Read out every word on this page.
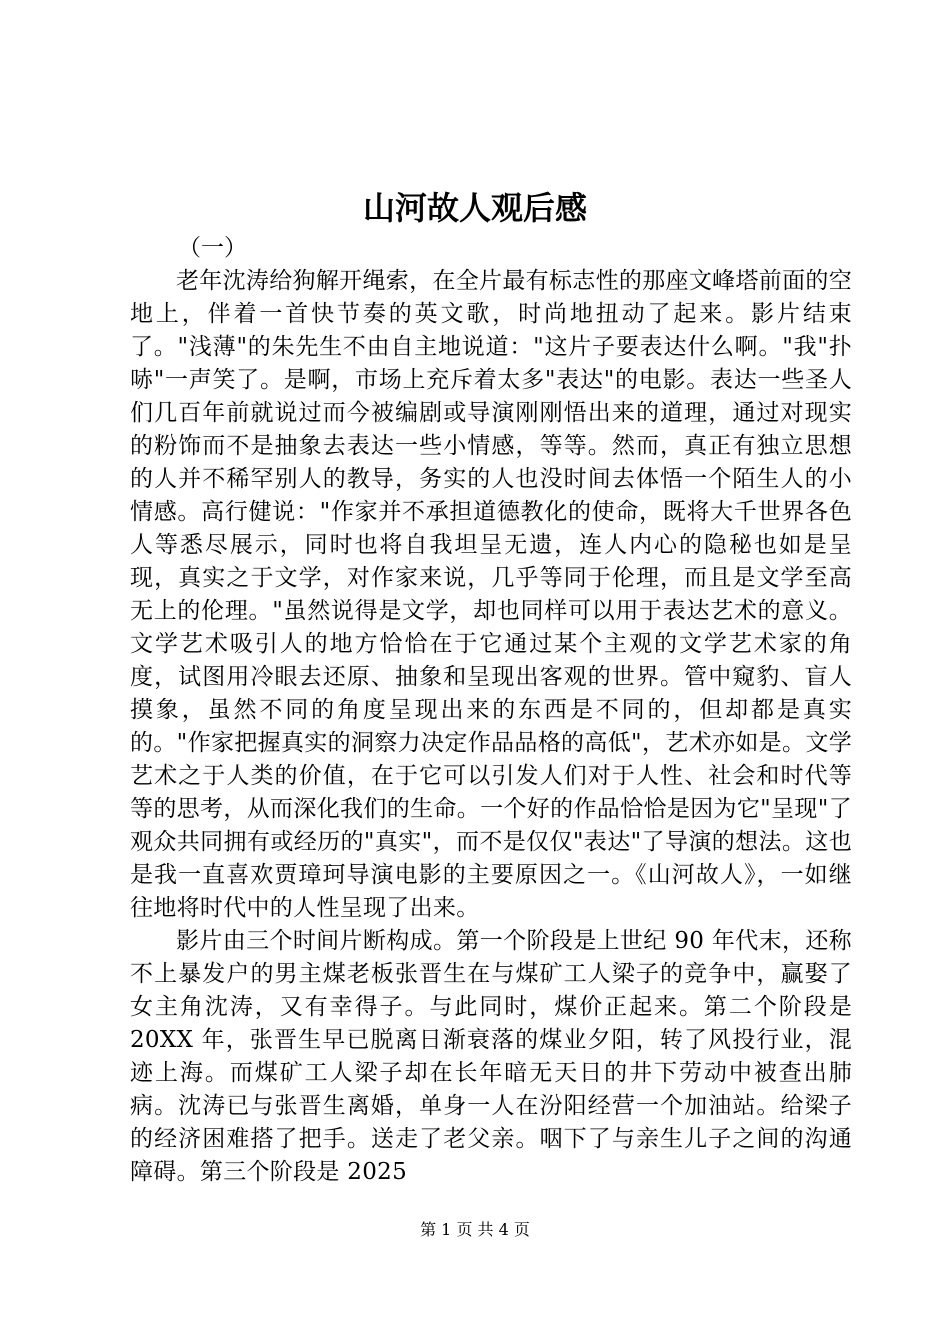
山河故人观后感

（一）

老年沈涛给狗解开绳索，在全片最有标志性的那座文峰塔前面的空地上，伴着一首快节奏的英文歌，时尚地扭动了起来。影片结束了。"浅薄"的朱先生不由自主地说道："这片子要表达什么啊。"我"扑哧"一声笑了。是啊，市场上充斥着太多"表达"的电影。表达一些圣人们几百年前就说过而今被编剧或导演刚刚悟出来的道理，通过对现实的粉饰而不是抽象去表达一些小情感，等等。然而，真正有独立思想的人并不稀罕别人的教导，务实的人也没时间去体悟一个陌生人的小情感。高行健说："作家并不承担道德教化的使命，既将大千世界各色人等悉尽展示，同时也将自我坦呈无遗，连人内心的隐秘也如是呈现，真实之于文学，对作家来说，几乎等同于伦理，而且是文学至高无上的伦理。"虽然说得是文学，却也同样可以用于表达艺术的意义。文学艺术吸引人的地方恰恰在于它通过某个主观的文学艺术家的角度，试图用冷眼去还原、抽象和呈现出客观的世界。管中窥豹、盲人摸象，虽然不同的角度呈现出来的东西是不同的，但却都是真实的。"作家把握真实的洞察力决定作品品格的高低"，艺术亦如是。文学艺术之于人类的价值，在于它可以引发人们对于人性、社会和时代等等的思考，从而深化我们的生命。一个好的作品恰恰是因为它"呈现"了观众共同拥有或经历的"真实"，而不是仅仅"表达"了导演的想法。这也是我一直喜欢贾璋珂导演电影的主要原因之一。《山河故人》，一如继往地将时代中的人性呈现了出来。

影片由三个时间片断构成。第一个阶段是上世纪 90 年代末，还称不上暴发户的男主煤老板张晋生在与煤矿工人梁子的竞争中，赢娶了女主角沈涛，又有幸得子。与此同时，煤价正起来。第二个阶段是 20XX 年，张晋生早已脱离日渐衰落的煤业夕阳，转了风投行业，混迹上海。而煤矿工人梁子却在长年暗无天日的井下劳动中被查出肺病。沈涛已与张晋生离婚，单身一人在汾阳经营一个加油站。给梁子的经济困难搭了把手。送走了老父亲。咽下了与亲生儿子之间的沟通障碍。第三个阶段是 2025

第 1 页 共 4 页
